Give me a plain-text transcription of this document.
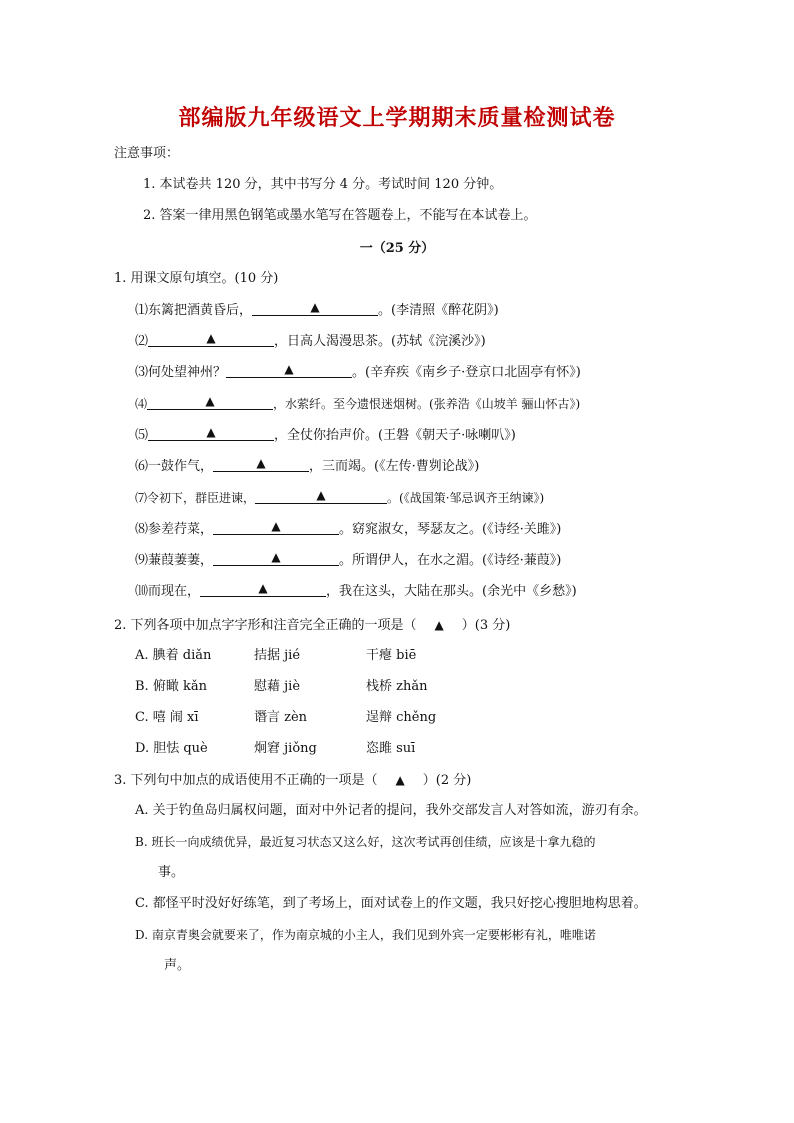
部编版九年级语文上学期期末质量检测试卷
注意事项：
1. 本试卷共 120 分，其中书写分 4 分。考试时间 120 分钟。
2. 答案一律用黑色钢笔或墨水笔写在答题卷上，不能写在本试卷上。
一（25 分）
1. 用课文原句填空。(10 分)
⑴东篱把酒黄昏后，	▲	。(李清照《醉花阴》)
⑵	▲	，日高人渴漫思茶。(苏轼《浣溪沙》)
⑶何处望神州？	▲	。(辛弃疾《南乡子·登京口北固亭有怀》)
⑷	▲	，水萦纤。至今遗恨迷烟树。(张养浩《山坡羊 骊山怀古》)
⑸	▲	，全仗你抬声价。(王磐《朝天子·咏喇叭》)
⑹一鼓作气，	▲	，三而竭。(《左传·曹刿论战》)
⑺令初下，群臣进谏，	▲	。(《战国策·邹忌讽齐王纳谏》)
⑻参差荇菜，	▲	。窈窕淑女，琴瑟友之。(《诗经·关雎》)
⑼蒹葭萋萋，	▲	。所谓伊人，在水之湄。(《诗经·蒹葭》)
⑽而现在，	▲	，我在这头，大陆在那头。(余光中《乡愁》)
2. 下列各项中加点字字形和注音完全正确的一项是（ ▲ ）(3 分)
A. 腆着 diǎn	拮据 jié	干瘪 biē
B. 俯瞰 kǎn	慰藉 jiè	栈桥 zhǎn
C. 嘻 闹 xī	谮言 zèn	逞辩 chěng
D. 胆怯 què	炯窘 jiǒng	恣雎 suī
3. 下列句中加点的成语使用不正确的一项是（ ▲ ）(2 分)
A. 关于钓鱼岛归属权问题，面对中外记者的提问，我外交部发言人对答如流，游刃有余。
B. 班长一向成绩优异，最近复习状态又这么好，这次考试再创佳绩，应该是十拿九稳的
事。
C. 都怪平时没好好练笔，到了考场上，面对试卷上的作文题，我只好挖心搜胆地构思着。
D. 南京青奥会就要来了，作为南京城的小主人，我们见到外宾一定要彬彬有礼，唯唯诺
声。
